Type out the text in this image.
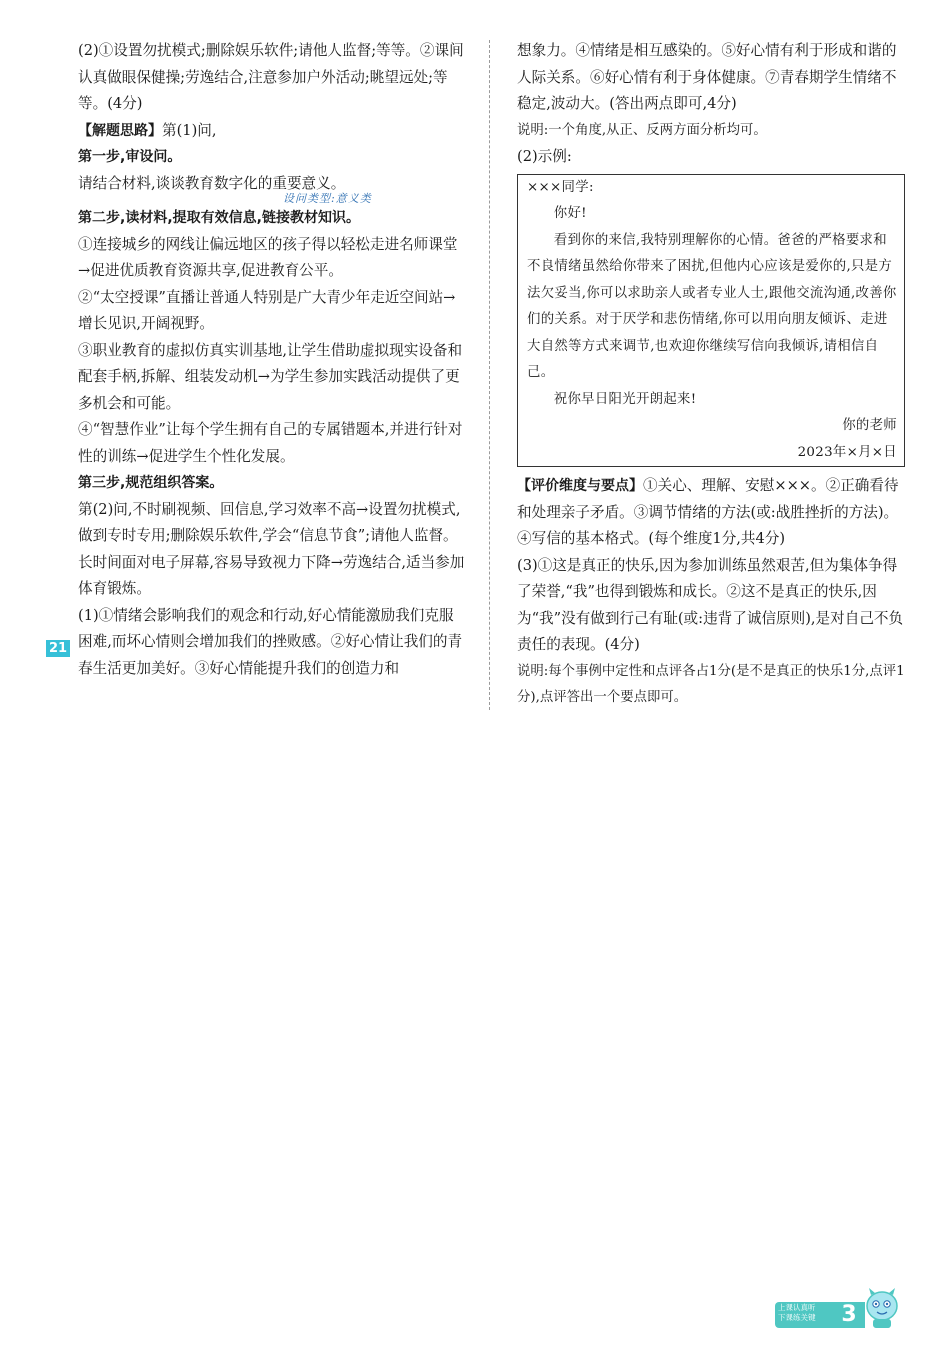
(2)①设置勿扰模式;删除娱乐软件;请他人监督;等等。②课间认真做眼保健操;劳逸结合,注意参加户外活动;眺望远处;等等。(4分)

【解题思路】第(1)问,

第一步,审设问。

请结合材料,谈谈教育数字化的重要意义。

设问类型:意义类

第二步,读材料,提取有效信息,链接教材知识。

①连接城乡的网线让偏远地区的孩子得以轻松走进名师课堂→促进优质教育资源共享,促进教育公平。

②“太空授课”直播让普通人特别是广大青少年走近空间站→增长见识,开阔视野。

③职业教育的虚拟仿真实训基地,让学生借助虚拟现实设备和配套手柄,拆解、组装发动机→为学生参加实践活动提供了更多机会和可能。

④“智慧作业”让每个学生拥有自己的专属错题本,并进行针对性的训练→促进学生个性化发展。

第三步,规范组织答案。

第(2)问,不时刷视频、回信息,学习效率不高→设置勿扰模式,做到专时专用;删除娱乐软件,学会“信息节食”;请他人监督。

长时间面对电子屏幕,容易导致视力下降→劳逸结合,适当参加体育锻炼。

(1)①情绪会影响我们的观念和行动,好心情能激励我们克服困难,而坏心情则会增加我们的挫败感。②好心情让我们的青春生活更加美好。③好心情能提升我们的创造力和

21

想象力。④情绪是相互感染的。⑤好心情有利于形成和谐的人际关系。⑥好心情有利于身体健康。⑦青春期学生情绪不稳定,波动大。(答出两点即可,4分)

说明:一个角度,从正、反两方面分析均可。

(2)示例:

×××同学:

你好!

看到你的来信,我特别理解你的心情。爸爸的严格要求和不良情绪虽然给你带来了困扰,但他内心应该是爱你的,只是方法欠妥当,你可以求助亲人或者专业人士,跟他交流沟通,改善你们的关系。对于厌学和悲伤情绪,你可以用向朋友倾诉、走进大自然等方式来调节,也欢迎你继续写信向我倾诉,请相信自己。

祝你早日阳光开朗起来!

你的老师

2023年×月×日

【评价维度与要点】①关心、理解、安慰×××。②正确看待和处理亲子矛盾。③调节情绪的方法(或:战胜挫折的方法)。④写信的基本格式。(每个维度1分,共4分)

(3)①这是真正的快乐,因为参加训练虽然艰苦,但为集体争得了荣誉,“我”也得到锻炼和成长。②这不是真正的快乐,因为“我”没有做到行己有耻(或:违背了诚信原则),是对自己不负责任的表现。(4分)

说明:每个事例中定性和点评各占1分(是不是真正的快乐1分,点评1分),点评答出一个要点即可。

上课认真听
下课练关键	3
